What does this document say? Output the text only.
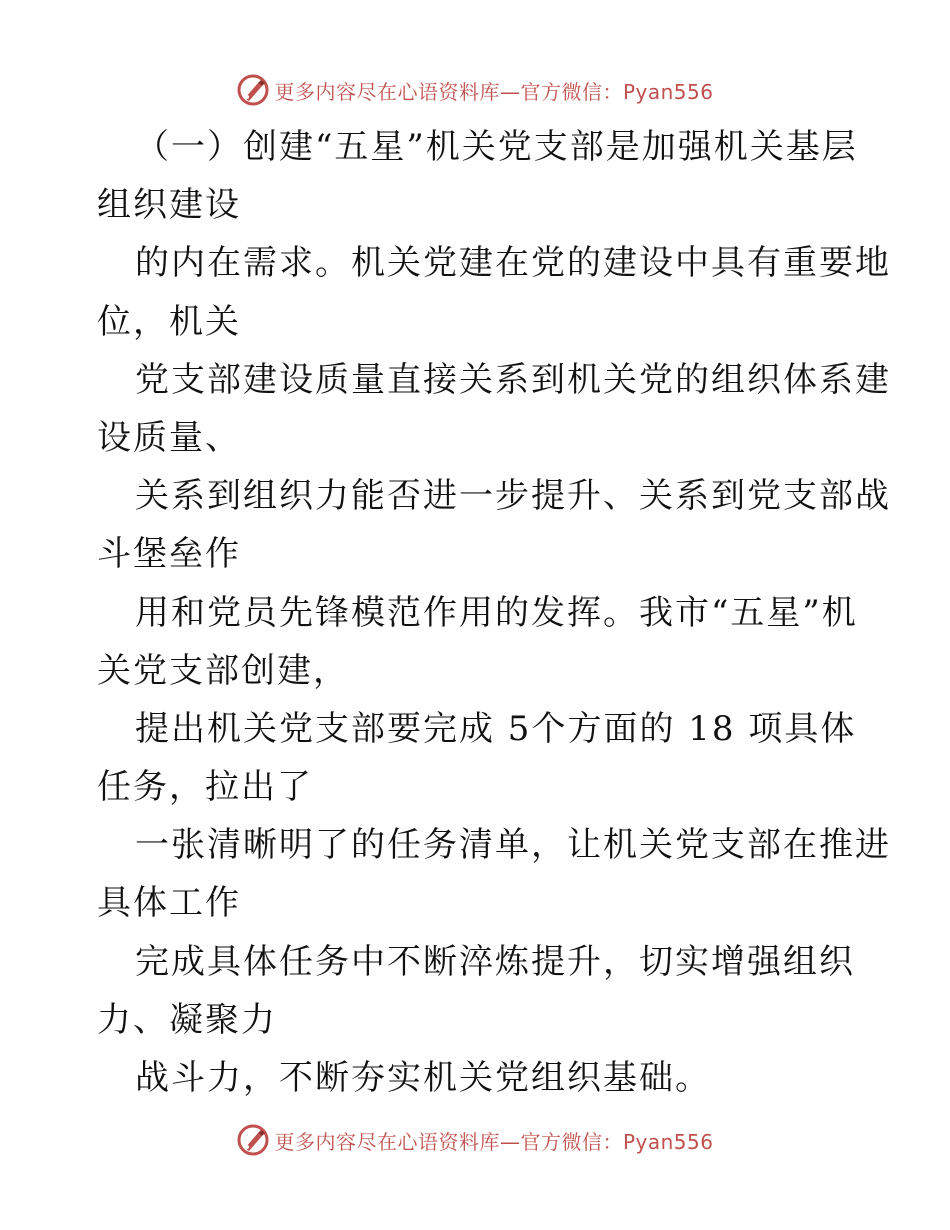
更多内容尽在心语资料库—官方微信：Pyan556
（一）创建“五星”机关党支部是加强机关基层
组织建设
的内在需求。机关党建在党的建设中具有重要地
位，机关
党支部建设质量直接关系到机关党的组织体系建
设质量、
关系到组织力能否进一步提升、关系到党支部战
斗堡垒作
用和党员先锋模范作用的发挥。我市“五星”机
关党支部创建，
提出机关党支部要完成 5个方面的 18 项具体
任务，拉出了
一张清晰明了的任务清单，让机关党支部在推进
具体工作
完成具体任务中不断淬炼提升，切实增强组织
力、凝聚力
战斗力，不断夯实机关党组织基础。
更多内容尽在心语资料库—官方微信：Pyan556
